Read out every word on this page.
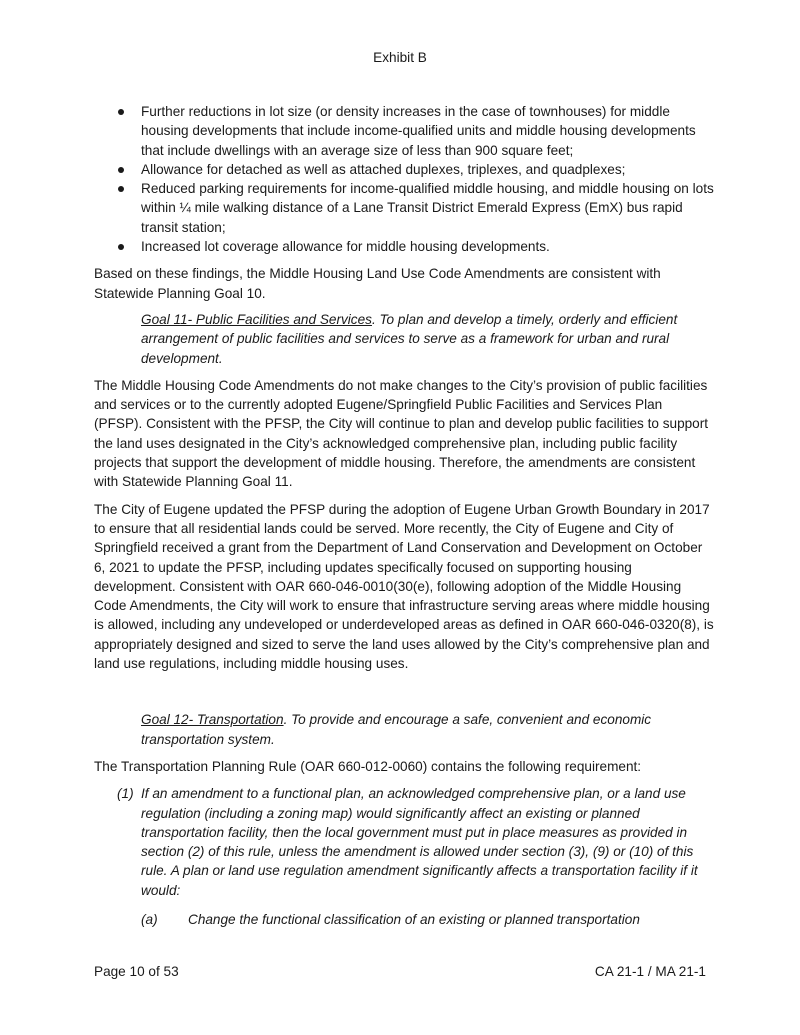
Exhibit B
Further reductions in lot size (or density increases in the case of townhouses) for middle housing developments that include income-qualified units and middle housing developments that include dwellings with an average size of less than 900 square feet;
Allowance for detached as well as attached duplexes, triplexes, and quadplexes;
Reduced parking requirements for income-qualified middle housing, and middle housing on lots within ¼ mile walking distance of a Lane Transit District Emerald Express (EmX) bus rapid transit station;
Increased lot coverage allowance for middle housing developments.

Based on these findings, the Middle Housing Land Use Code Amendments are consistent with Statewide Planning Goal 10.

Goal 11- Public Facilities and Services. To plan and develop a timely, orderly and efficient arrangement of public facilities and services to serve as a framework for urban and rural development.

The Middle Housing Code Amendments do not make changes to the City’s provision of public facilities and services or to the currently adopted Eugene/Springfield Public Facilities and Services Plan (PFSP). Consistent with the PFSP, the City will continue to plan and develop public facilities to support the land uses designated in the City’s acknowledged comprehensive plan, including public facility projects that support the development of middle housing. Therefore, the amendments are consistent with Statewide Planning Goal 11.

The City of Eugene updated the PFSP during the adoption of Eugene Urban Growth Boundary in 2017 to ensure that all residential lands could be served. More recently, the City of Eugene and City of Springfield received a grant from the Department of Land Conservation and Development on October 6, 2021 to update the PFSP, including updates specifically focused on supporting housing development. Consistent with OAR 660-046-0010(30(e), following adoption of the Middle Housing Code Amendments, the City will work to ensure that infrastructure serving areas where middle housing is allowed, including any undeveloped or underdeveloped areas as defined in OAR 660-046-0320(8), is appropriately designed and sized to serve the land uses allowed by the City’s comprehensive plan and land use regulations, including middle housing uses.

Goal 12- Transportation. To provide and encourage a safe, convenient and economic transportation system.

The Transportation Planning Rule (OAR 660-012-0060) contains the following requirement:

(1) If an amendment to a functional plan, an acknowledged comprehensive plan, or a land use regulation (including a zoning map) would significantly affect an existing or planned transportation facility, then the local government must put in place measures as provided in section (2) of this rule, unless the amendment is allowed under section (3), (9) or (10) of this rule. A plan or land use regulation amendment significantly affects a transportation facility if it would:
(a) Change the functional classification of an existing or planned transportation
Page 10 of 53	CA 21-1 / MA 21-1
